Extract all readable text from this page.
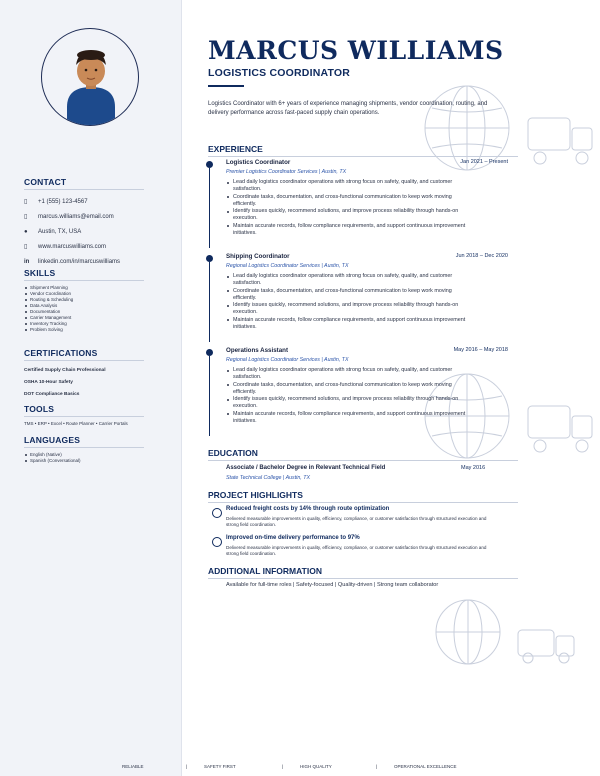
CONTACT
▯	+1 (555) 123-4567
▯	marcus.williams@email.com
●	Austin, TX, USA
▯	www.marcuswilliams.com
in	linkedin.com/in/marcuswilliams
SKILLS
Shipment Planning
Vendor Coordination
Routing & Scheduling
Data Analysis
Documentation
Carrier Management
Inventory Tracking
Problem Solving
CERTIFICATIONS
Certified Supply Chain Professional
OSHA 10-Hour Safety
DOT Compliance Basics
TOOLS
TMS • ERP • Excel • Route Planner • Carrier Portals
LANGUAGES
English (Native)
Spanish (Conversational)
MARCUS WILLIAMS
LOGISTICS COORDINATOR
Logistics Coordinator with 6+ years of experience managing shipments, vendor coordination, routing, and delivery performance across fast-paced supply chain operations.
EXPERIENCE
Logistics Coordinator	Jan 2021 – Present
Premier Logistics Coordinator Services | Austin, TX
Lead daily logistics coordinator operations with strong focus on safety, quality, and customer satisfaction.
Coordinate tasks, documentation, and cross-functional communication to keep work moving efficiently.
Identify issues quickly, recommend solutions, and improve process reliability through hands-on execution.
Maintain accurate records, follow compliance requirements, and support continuous improvement initiatives.
Shipping Coordinator	Jun 2018 – Dec 2020
Regional Logistics Coordinator Services | Austin, TX
Lead daily logistics coordinator operations with strong focus on safety, quality, and customer satisfaction.
Coordinate tasks, documentation, and cross-functional communication to keep work moving efficiently.
Identify issues quickly, recommend solutions, and improve process reliability through hands-on execution.
Maintain accurate records, follow compliance requirements, and support continuous improvement initiatives.
Operations Assistant	May 2016 – May 2018
Regional Logistics Coordinator Services | Austin, TX
Lead daily logistics coordinator operations with strong focus on safety, quality, and customer satisfaction.
Coordinate tasks, documentation, and cross-functional communication to keep work moving efficiently.
Identify issues quickly, recommend solutions, and improve process reliability through hands-on execution.
Maintain accurate records, follow compliance requirements, and support continuous improvement initiatives.
EDUCATION
Associate / Bachelor Degree in Relevant Technical Field	May 2016
State Technical College | Austin, TX
PROJECT HIGHLIGHTS
Reduced freight costs by 14% through route optimization
Delivered measurable improvements in quality, efficiency, compliance, or customer satisfaction through structured execution and strong field coordination.
Improved on-time delivery performance to 97%
Delivered measurable improvements in quality, efficiency, compliance, or customer satisfaction through structured execution and strong field coordination.
ADDITIONAL INFORMATION
Available for full-time roles | Safety-focused | Quality-driven | Strong team collaborator
RELIABLE	|	SAFETY FIRST	|	HIGH QUALITY	|	OPERATIONAL EXCELLENCE
